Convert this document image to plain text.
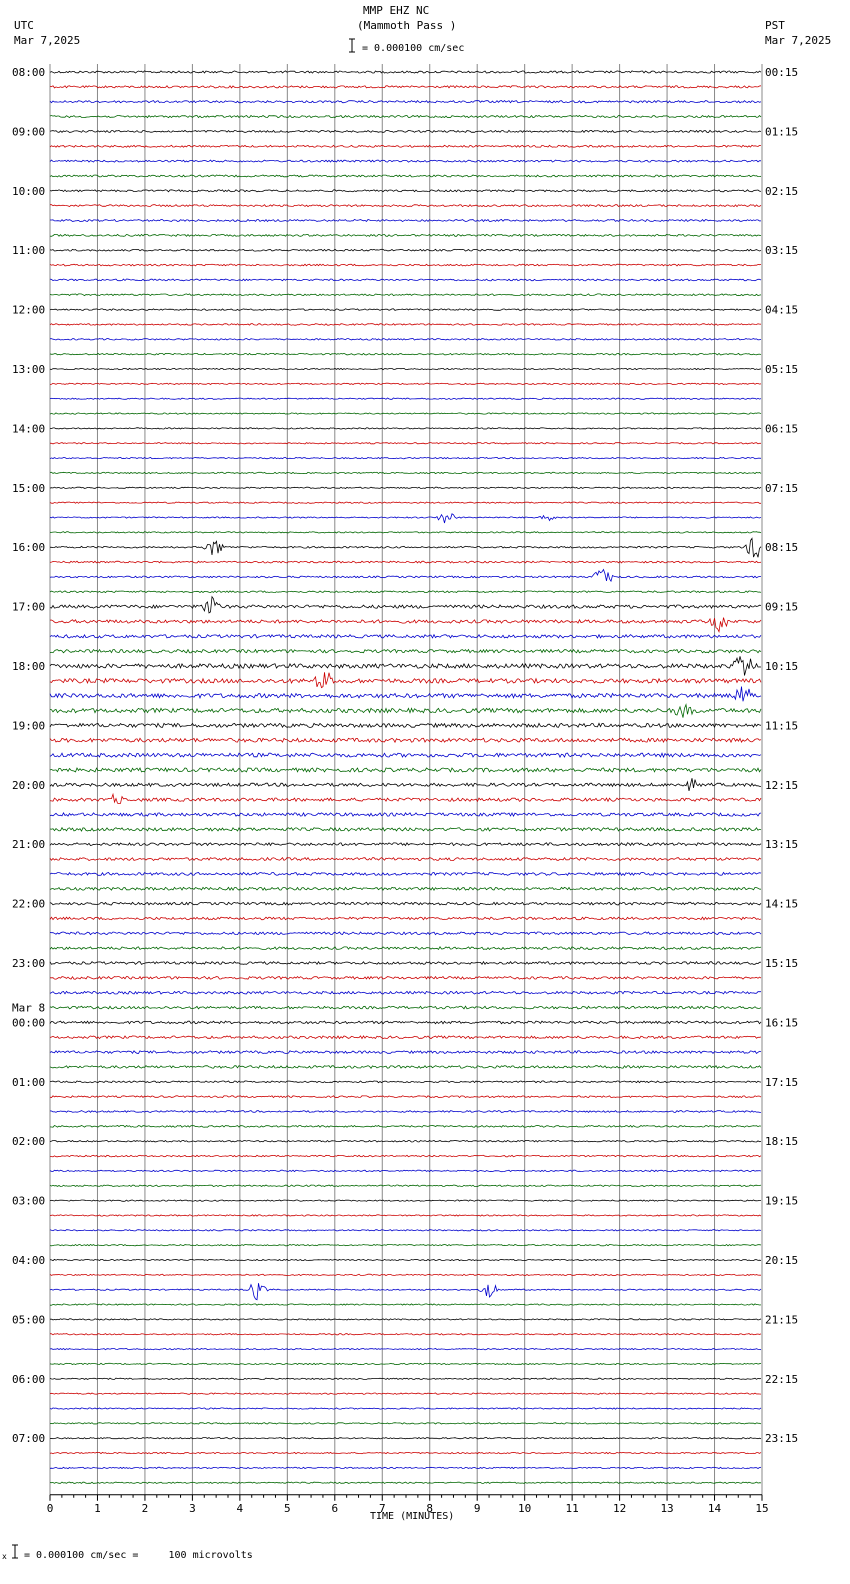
MMP EHZ NC
(Mammoth Pass )
UTC
Mar 7,2025
PST
Mar 7,2025
= 0.000100 cm/sec
08:00
09:00
10:00
11:00
12:00
13:00
14:00
15:00
16:00
17:00
18:00
19:00
20:00
21:00
22:00
23:00
00:00
01:00
02:00
03:00
04:00
05:00
06:00
07:00
Mar 8
00:15
01:15
02:15
03:15
04:15
05:15
06:15
07:15
08:15
09:15
10:15
11:15
12:15
13:15
14:15
15:15
16:15
17:15
18:15
19:15
20:15
21:15
22:15
23:15
0	1	2	3	4	5	6	7	8	9	10	11	12	13	14	15
TIME (MINUTES)
x = 0.000100 cm/sec =     100 microvolts
